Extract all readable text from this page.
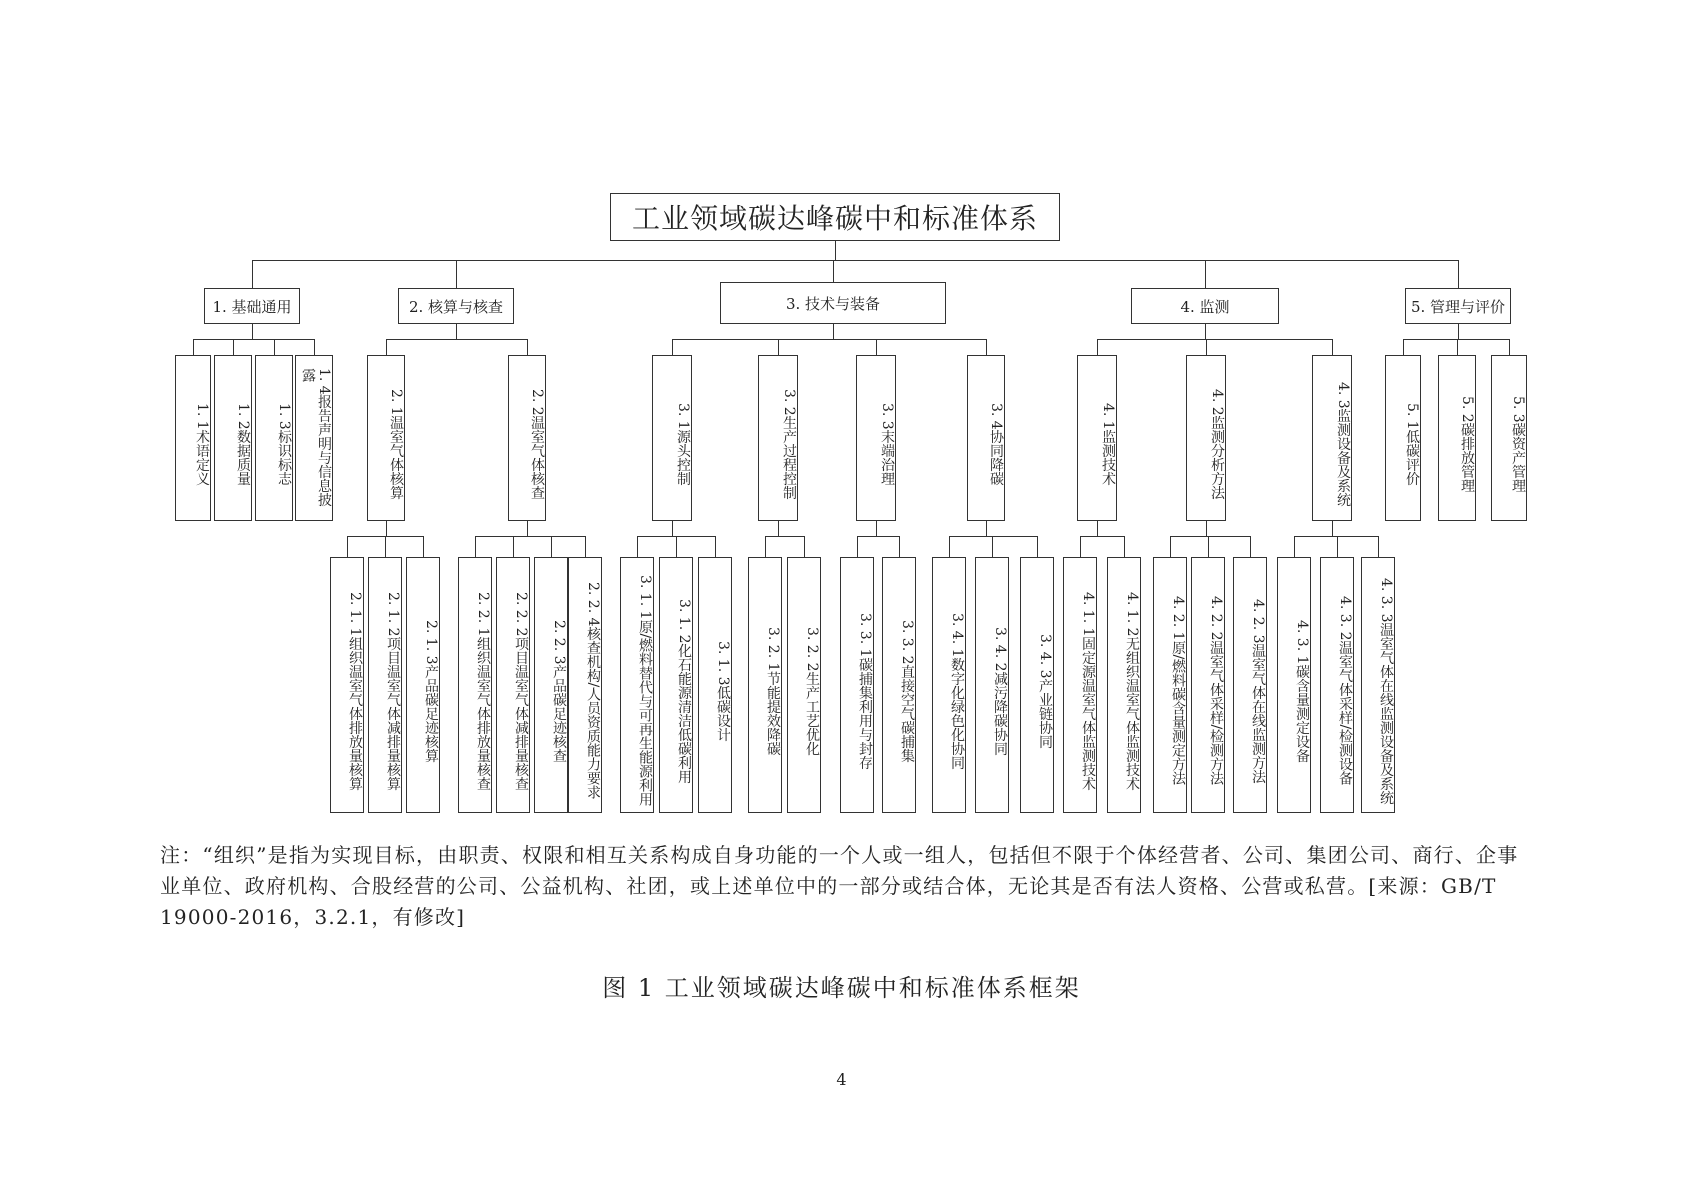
工业领域碳达峰碳中和标准体系
1. 基础通用
1. 1术语定义	1. 2数据质量	1. 3标识标志	1. 4报告声明与信息披露
2. 核算与核查
2. 1温室气体核算
2. 1. 1组织温室气体排放量核算	2. 1. 2项目温室气体减排量核算	2. 1. 3产品碳足迹核算
2. 2温室气体核查
2. 2. 1组织温室气体排放量核查	2. 2. 2项目温室气体减排量核查	2. 2. 3产品碳足迹核查	2. 2. 4核查机构/人员资质能力要求
3. 技术与装备
3. 1源头控制
3. 1. 1原/燃料替代与可再生能源利用	3. 1. 2化石能源清洁低碳利用	3. 1. 3低碳设计
3. 2生产过程控制
3. 2. 1节能提效降碳	3. 2. 2生产工艺优化
3. 3末端治理
3. 3. 1碳捕集利用与封存	3. 3. 2直接空气碳捕集
3. 4协同降碳
3. 4. 1数字化绿色化协同	3. 4. 2减污降碳协同	3. 4. 3产业链协同
4. 监测
4. 1监测技术
4. 1. 1固定源温室气体监测技术	4. 1. 2无组织温室气体监测技术
4. 2监测分析方法
4. 2. 1原/燃料碳含量测定方法	4. 2. 2温室气体采样/检测方法	4. 2. 3温室气体在线监测方法
4. 3监测设备及系统
4. 3. 1碳含量测定设备	4. 3. 2温室气体采样/检测设备	4. 3. 3温室气体在线监测设备及系统
5. 管理与评价
5. 1低碳评价	5. 2碳排放管理	5. 3碳资产管理

注：“组织”是指为实现目标，由职责、权限和相互关系构成自身功能的一个人或一组人，包括但不限于个体经营者、公司、集团公司、商行、企事业单位、政府机构、合股经营的公司、公益机构、社团，或上述单位中的一部分或结合体，无论其是否有法人资格、公营或私营。[来源：GB/T 19000-2016，3.2.1，有修改]

图 1 工业领域碳达峰碳中和标准体系框架

4
